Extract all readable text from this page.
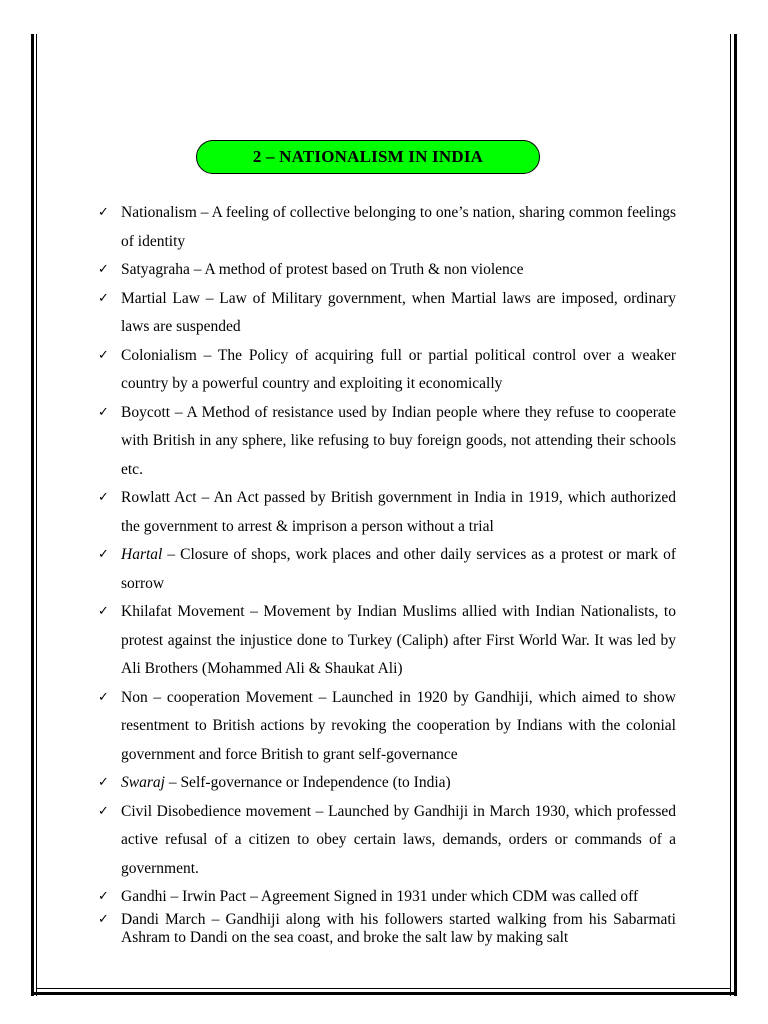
2 – NATIONALISM IN INDIA
✓ Nationalism – A feeling of collective belonging to one’s nation, sharing common feelings of identity
✓ Satyagraha – A method of protest based on Truth & non violence
✓ Martial Law – Law of Military government, when Martial laws are imposed, ordinary laws are suspended
✓ Colonialism – The Policy of acquiring full or partial political control over a weaker country by a powerful country and exploiting it economically
✓ Boycott – A Method of resistance used by Indian people where they refuse to cooperate with British in any sphere, like refusing to buy foreign goods, not attending their schools etc.
✓ Rowlatt Act – An Act passed by British government in India in 1919, which authorized the government to arrest & imprison a person without a trial
✓ Hartal – Closure of shops, work places and other daily services as a protest or mark of sorrow
✓ Khilafat Movement – Movement by Indian Muslims allied with Indian Nationalists, to protest against the injustice done to Turkey (Caliph) after First World War. It was led by Ali Brothers (Mohammed Ali & Shaukat Ali)
✓ Non – cooperation Movement – Launched in 1920 by Gandhiji, which aimed to show resentment to British actions by revoking the cooperation by Indians with the colonial government and force British to grant self-governance
✓ Swaraj – Self-governance or Independence (to India)
✓ Civil Disobedience movement – Launched by Gandhiji in March 1930, which professed active refusal of a citizen to obey certain laws, demands, orders or commands of a government.
✓ Gandhi – Irwin Pact – Agreement Signed in 1931 under which CDM was called off
✓ Dandi March – Gandhiji along with his followers started walking from his Sabarmati Ashram to Dandi on the sea coast, and broke the salt law by making salt
